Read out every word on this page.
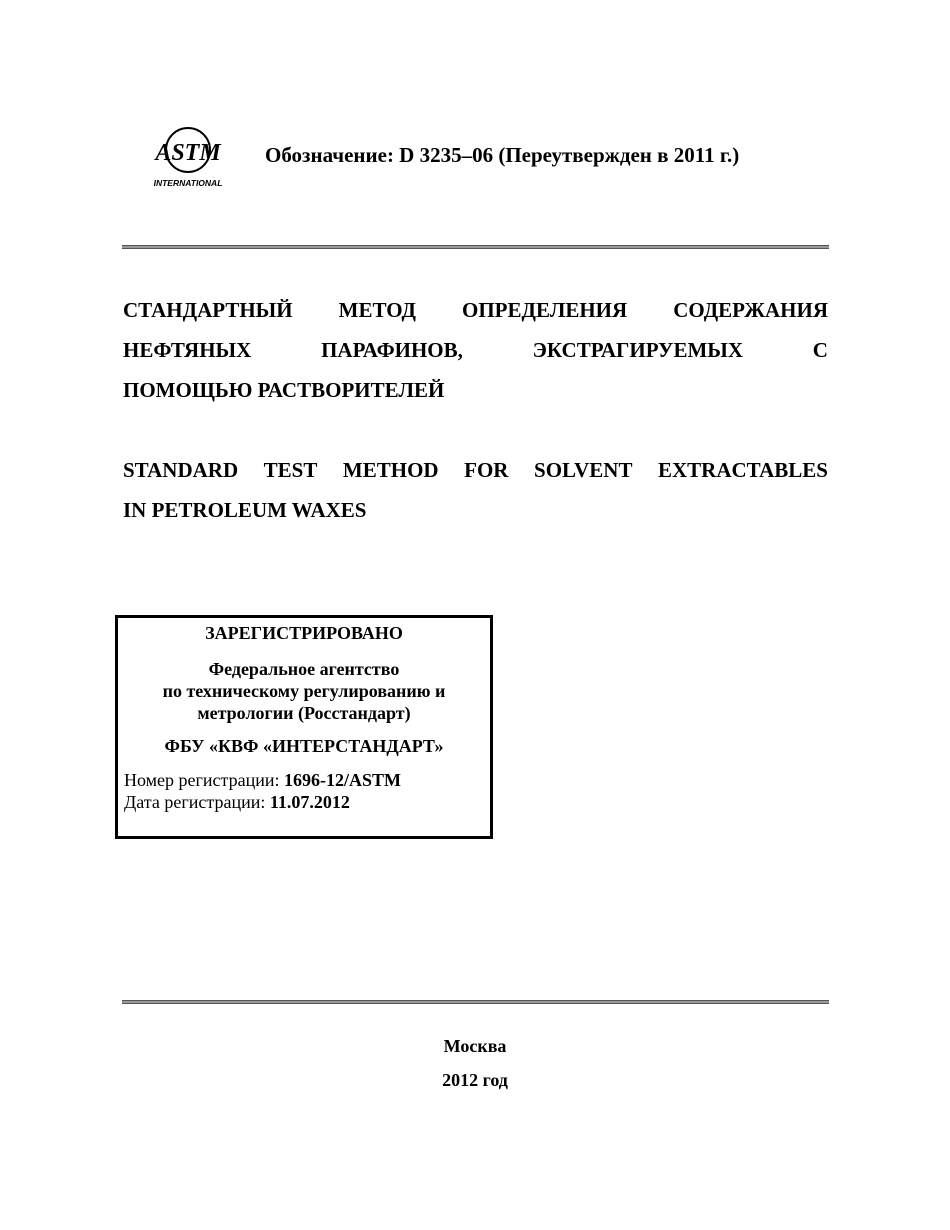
ASTM
INTERNATIONAL
Обозначение: D 3235–06 (Переутвержден в 2011 г.)
СТАНДАРТНЫЙ МЕТОД ОПРЕДЕЛЕНИЯ СОДЕРЖАНИЯ
НЕФТЯНЫХ	ПАРАФИНОВ,	ЭКСТРАГИРУЕМЫХ	С
ПОМОЩЬЮ РАСТВОРИТЕЛЕЙ
STANDARD TEST METHOD FOR SOLVENT EXTRACTABLES
IN PETROLEUM WAXES
ЗАРЕГИСТРИРОВАНО
Федеральное агентство
по техническому регулированию и
метрологии (Росстандарт)
ФБУ «КВФ «ИНТЕРСТАНДАРТ»
Номер регистрации: 1696-12/ASTM
Дата регистрации: 11.07.2012
Москва
2012 год
